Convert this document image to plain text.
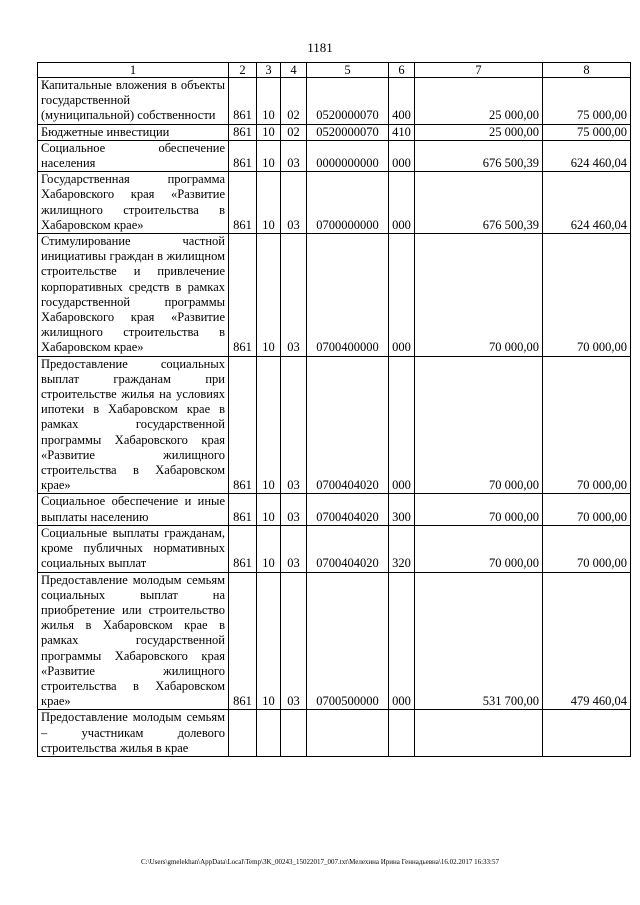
1181
1	2	3	4	5	6	7	8
Капитальные вложения в объекты государственной (муниципальной) собственности	861	10	02	0520000070	400	25 000,00	75 000,00
Бюджетные инвестиции	861	10	02	0520000070	410	25 000,00	75 000,00
Социальное обеспечение населения	861	10	03	0000000000	000	676 500,39	624 460,04
Государственная программа Хабаровского края «Развитие жилищного строительства в Хабаровском крае»	861	10	03	0700000000	000	676 500,39	624 460,04
Стимулирование частной инициативы граждан в жилищном строительстве и привлечение корпоративных средств в рамках государственной программы Хабаровского края «Развитие жилищного строительства в Хабаровском крае»	861	10	03	0700400000	000	70 000,00	70 000,00
Предоставление социальных выплат гражданам при строительстве жилья на условиях ипотеки в Хабаровском крае в рамках государственной программы Хабаровского края «Развитие жилищного строительства в Хабаровском крае»	861	10	03	0700404020	000	70 000,00	70 000,00
Социальное обеспечение и иные выплаты населению	861	10	03	0700404020	300	70 000,00	70 000,00
Социальные выплаты гражданам, кроме публичных нормативных социальных выплат	861	10	03	0700404020	320	70 000,00	70 000,00
Предоставление молодым семьям социальных выплат на приобретение или строительство жилья в Хабаровском крае в рамках государственной программы Хабаровского края «Развитие жилищного строительства в Хабаровском крае»	861	10	03	0700500000	000	531 700,00	479 460,04
Предоставление молодым семьям – участникам долевого строительства жилья в крае							
C:\Users\gmelekhan\AppData\Local\Temp\3K_00243_15022017_007.txt\Мелехина Ирина Геннадьевна\16.02.2017 16:33:57
